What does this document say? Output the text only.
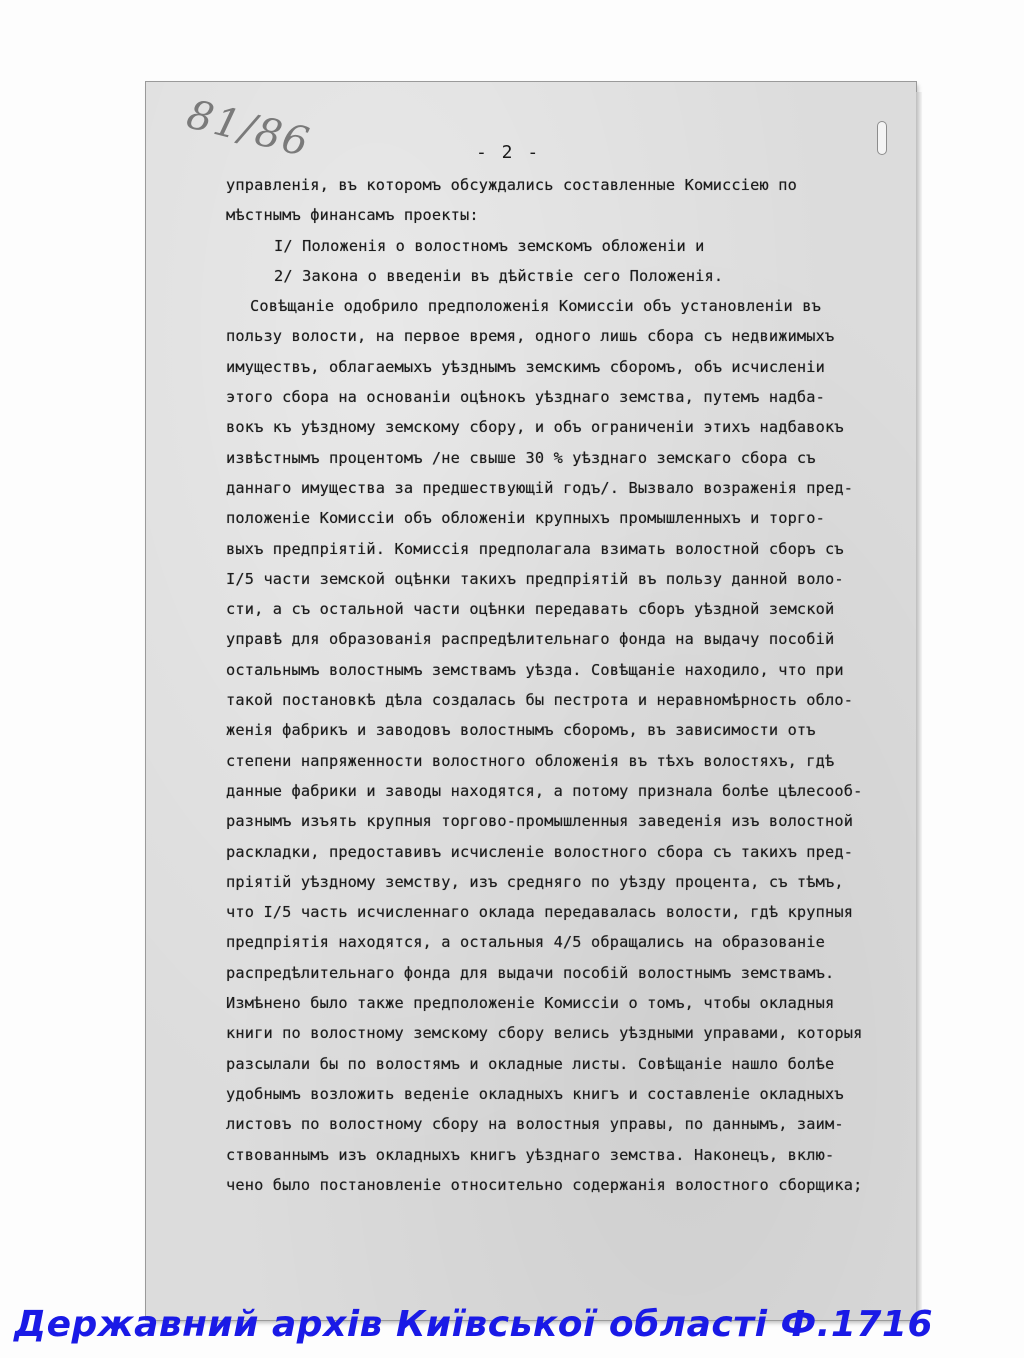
81/86	- 2 -
управленія, въ которомъ обсуждались составленные Комиссiею по
мѣстнымъ финансамъ проекты:
I/ Положенія о волостномъ земскомъ обложенiи и
2/ Закона о введенiи въ дѣйствiе сего Положенія.
Совѣщанiе одобрило предположенія Комиссiи объ установленiи въ
пользу волости, на первое время, одного лишь сбора съ недвижимыхъ
имуществъ, облагаемыхъ уѣзднымъ земскимъ сборомъ, объ исчисленiи
этого сбора на основанiи оцѣнокъ уѣзднаго земства, путемъ надба-
вокъ къ уѣздному земскому сбору, и объ ограниченiи этихъ надбавокъ
извѣстнымъ процентомъ /не свыше 30 % уѣзднаго земскаго сбора съ
даннаго имущества за предшествующiй годъ/. Вызвало возраженія пред-
положенiе Комиссiи объ обложенiи крупныхъ промышленныхъ и торго-
выхъ предпрiятiй. Комиссiя предполагала взимать волостной сборъ съ
I/5 части земской оцѣнки такихъ предпрiятiй въ пользу данной воло-
сти, а съ остальной части оцѣнки передавать сборъ уѣздной земской
управѣ для образованія распредѣлительнаго фонда на выдачу пособiй
остальнымъ волостнымъ земствамъ уѣзда. Совѣщанiе находило, что при
такой постановкѣ дѣла создалась бы пестрота и неравномѣрность обло-
женія фабрикъ и заводовъ волостнымъ сборомъ, въ зависимости отъ
степени напряженности волостного обложенія въ тѣхъ волостяхъ, гдѣ
данные фабрики и заводы находятся, а потому признала болѣе цѣлесооб-
разнымъ изъять крупныя торгово-промышленныя заведенія изъ волостной
раскладки, предоставивъ исчисленiе волостного сбора съ такихъ пред-
прiятiй уѣздному земству, изъ средняго по уѣзду процента, съ тѣмъ,
что I/5 часть исчисленнаго оклада передавалась волости, гдѣ крупныя
предпрiятiя находятся, а остальныя 4/5 обращались на образованiе
распредѣлительнаго фонда для выдачи пособiй волостнымъ земствамъ.
Измѣнено было также предположенiе Комиссiи о томъ, чтобы окладныя
книги по волостному земскому сбору велись уѣздными управами, которыя
разсылали бы по волостямъ и окладные листы. Совѣщанiе нашло болѣе
удобнымъ возложить веденiе окладныхъ книгъ и составленiе окладныхъ
листовъ по волостному сбору на волостныя управы, по даннымъ, заим-
ствованнымъ изъ окладныхъ книгъ уѣзднаго земства. Наконецъ, вклю-
чено было постановленiе относительно содержанія волостного сборщика;
Державний архів Київської області Ф.1716
